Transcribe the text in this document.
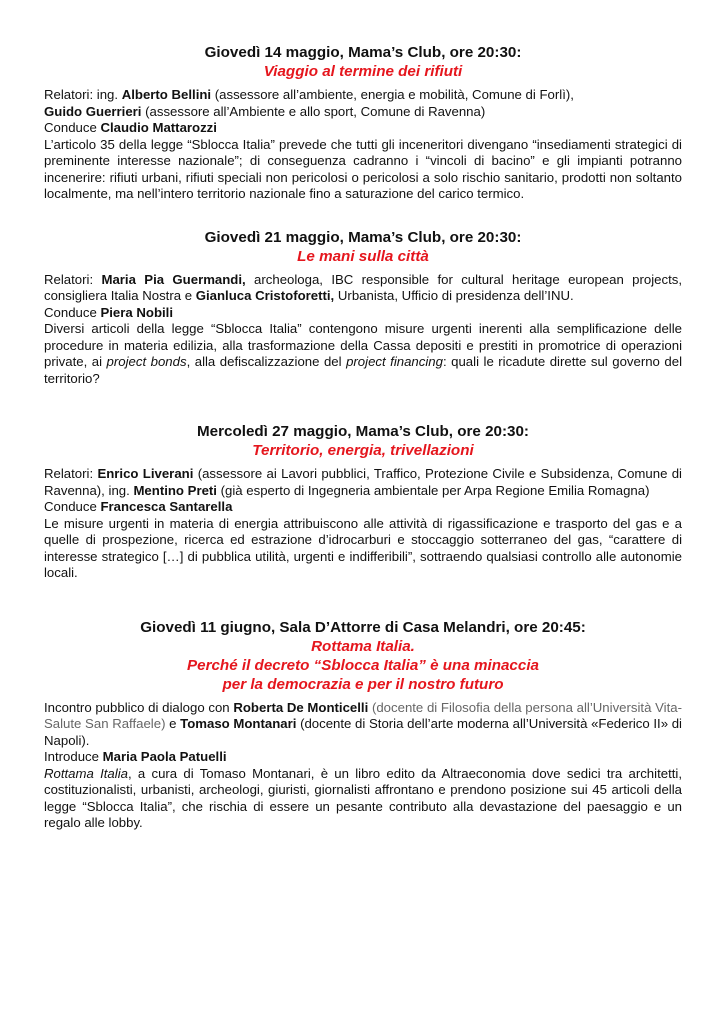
Giovedì 14 maggio, Mama’s Club, ore 20:30:
Viaggio al termine dei rifiuti
Relatori: ing. Alberto Bellini (assessore all’ambiente, energia e mobilità, Comune di Forlì),
Guido Guerrieri (assessore all’Ambiente e allo sport, Comune di Ravenna)
Conduce Claudio Mattarozzi
L’articolo 35 della legge “Sblocca Italia” prevede che tutti gli inceneritori divengano “insediamenti strategici di preminente interesse nazionale”; di conseguenza cadranno i “vincoli di bacino” e gli impianti potranno incenerire: rifiuti urbani, rifiuti speciali non pericolosi o pericolosi a solo rischio sanitario, prodotti non soltanto localmente, ma nell’intero territorio nazionale fino a saturazione del carico termico.
Giovedì 21 maggio, Mama’s Club, ore 20:30:
Le mani sulla città
Relatori: Maria Pia Guermandi, archeologa, IBC responsible for cultural heritage european projects, consigliera Italia Nostra e Gianluca Cristoforetti, Urbanista, Ufficio di presidenza dell’INU.
Conduce Piera Nobili
Diversi articoli della legge “Sblocca Italia” contengono misure urgenti inerenti alla semplificazione delle procedure in materia edilizia, alla trasformazione della Cassa depositi e prestiti in promotrice di operazioni private, ai project bonds, alla defiscalizzazione del project financing: quali le ricadute dirette sul governo del territorio?
Mercoledì 27 maggio, Mama’s Club, ore 20:30:
Territorio, energia, trivellazioni
Relatori: Enrico Liverani (assessore ai Lavori pubblici, Traffico, Protezione Civile e Subsidenza, Comune di Ravenna), ing. Mentino Preti (già esperto di Ingegneria ambientale per Arpa Regione Emilia Romagna)
Conduce Francesca Santarella
Le misure urgenti in materia di energia attribuiscono alle attività di rigassificazione e trasporto del gas e a quelle di prospezione, ricerca ed estrazione d’idrocarburi e stoccaggio sotterraneo del gas, “carattere di interesse strategico […] di pubblica utilità, urgenti e indifferibili”, sottraendo qualsiasi controllo alle autonomie locali.
Giovedì 11 giugno, Sala D’Attorre di Casa Melandri, ore 20:45:
Rottama Italia.
Perché il decreto “Sblocca Italia” è una minaccia
per la democrazia e per il nostro futuro
Incontro pubblico di dialogo con Roberta De Monticelli (docente di Filosofia della persona all’Università Vita-Salute San Raffaele) e Tomaso Montanari (docente di Storia dell’arte moderna all’Università «Federico II» di Napoli).
Introduce Maria Paola Patuelli
Rottama Italia, a cura di Tomaso Montanari, è un libro edito da Altraeconomia dove sedici tra architetti, costituzionalisti, urbanisti, archeologi, giuristi, giornalisti affrontano e prendono posizione sui 45 articoli della legge “Sblocca Italia”, che rischia di essere un pesante contributo alla devastazione del paesaggio e un regalo alle lobby.
